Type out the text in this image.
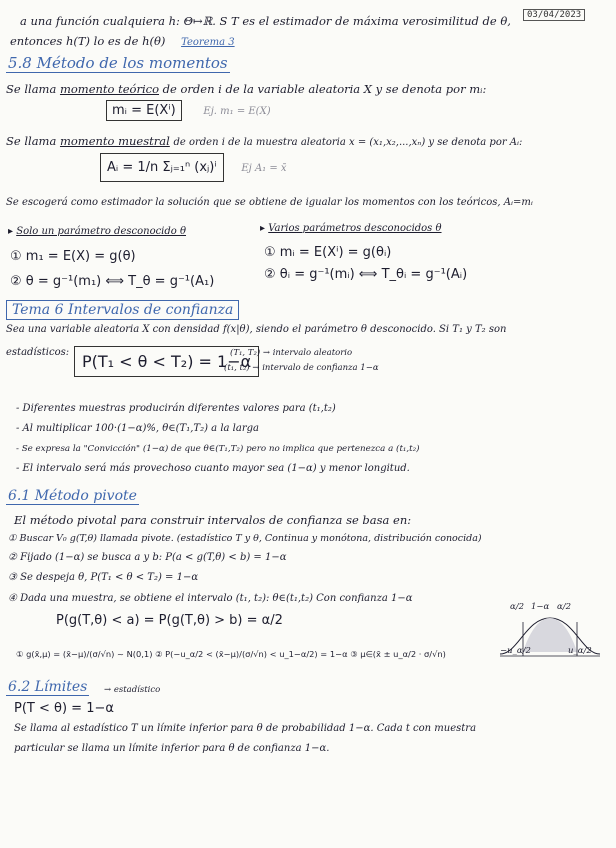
03/04/2023
a una función cualquiera h: Θ↦ℝ. S T es el estimador de máxima verosimilitud de θ,
entonces h(T) lo es de h(θ) Teorema 3
5.8 Método de los momentos
Se llama momento teórico de orden i de la variable aleatoria X y se denota por mᵢ:
mᵢ = E(Xⁱ)	Ej. m₁ = E(X)
Se llama momento muestral de orden i de la muestra aleatoria x = (x₁,x₂,...,xₙ) y se denota por Aᵢ:
Aᵢ = 1/n Σⱼ₌₁ⁿ (xⱼ)ⁱ Ej A₁ = x̄
Se escogerá como estimador la solución que se obtiene de igualar los momentos con los teóricos, Aᵢ=mᵢ
▸ Solo un parámetro desconocido θ
① m₁ = E(X) = g(θ)
② θ = g⁻¹(m₁) ⟺ T_θ = g⁻¹(A₁)
▸ Varios parámetros desconocidos θ
① mᵢ = E(Xⁱ) = g(θᵢ)
② θᵢ = g⁻¹(mᵢ) ⟺ T_θᵢ = g⁻¹(Aᵢ)
Tema 6 Intervalos de confianza
Sea una variable aleatoria X con densidad f(x|θ), siendo el parámetro θ desconocido. Si T₁ y T₂ son
estadísticos: P(T₁ < θ < T₂) = 1−α
(T₁, T₂) → intervalo aleatorio
(t₁, t₂) → intervalo de confianza 1−α
- Diferentes muestras producirán diferentes valores para (t₁,t₂)
- Al multiplicar 100·(1−α)%, θ∈(T₁,T₂) a la larga
- Se expresa la "Convicción" (1−α) de que θ∈(T₁,T₂) pero no implica que pertenezca a (t₁,t₂)
- El intervalo será más provechoso cuanto mayor sea (1−α) y menor longitud.
6.1 Método pivote
El método pivotal para construir intervalos de confianza se basa en:
① Buscar V₀ g(T,θ) llamada pivote. (estadístico T y θ, Continua y monótona, distribución conocida)
② Fijado (1−α) se busca a y b: P(a < g(T,θ) < b) = 1−α
③ Se despeja θ, P(T₁ < θ < T₂) = 1−α
④ Dada una muestra, se obtiene el intervalo (t₁, t₂): θ∈(t₁,t₂) Con confianza 1−α
P(g(T,θ) < a) = P(g(T,θ) > b) = α/2
① g(x̄,μ) = (x̄−μ)/(σ/√n) ~ N(0,1) ② P(−u_α/2 < (x̄−μ)/(σ/√n) < u_1−α/2) = 1−α ③ μ∈(x̄ ± u_α/2 · σ/√n)
α/2 1−α α/2
−u_α/2	u_α/2
6.2 Límites → estadístico
P(T < θ) = 1−α
Se llama al estadístico T un límite inferior para θ de probabilidad 1−α. Cada t con muestra
particular se llama un límite inferior para θ de confianza 1−α.
